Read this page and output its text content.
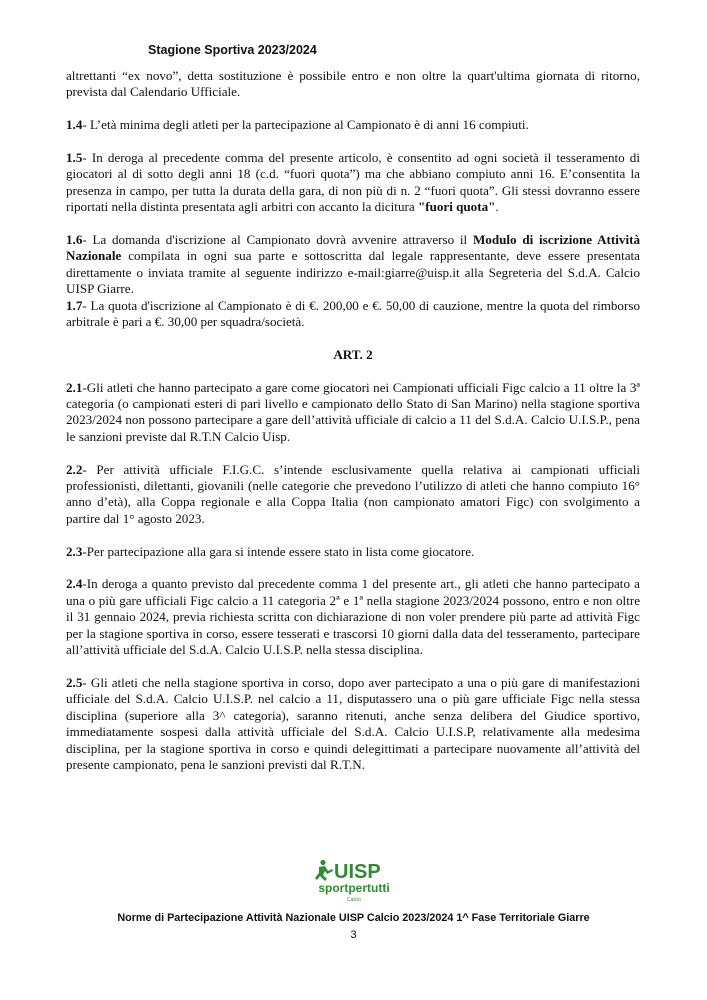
Stagione Sportiva 2023/2024

altrettanti “ex novo”, detta sostituzione è possibile entro e non oltre la quart'ultima giornata di ritorno, prevista dal Calendario Ufficiale.

1.4- L’età minima degli atleti per la partecipazione al Campionato è di anni 16 compiuti.

1.5- In deroga al precedente comma del presente articolo, è consentito ad ogni società il tesseramento di giocatori al di sotto degli anni 18 (c.d. “fuori quota”) ma che abbiano compiuto anni 16. E’consentita la presenza in campo, per tutta la durata della gara, di non più di n. 2 “fuori quota”. Gli stessi dovranno essere riportati nella distinta presentata agli arbitri con accanto la dicitura "fuori quota".

1.6- La domanda d'iscrizione al Campionato dovrà avvenire attraverso il Modulo di iscrizione Attività Nazionale compilata in ogni sua parte e sottoscritta dal legale rappresentante, deve essere presentata direttamente o inviata tramite al seguente indirizzo e-mail:giarre@uisp.it alla Segreteria del S.d.A. Calcio UISP Giarre.

1.7- La quota d'iscrizione al Campionato è di €. 200,00 e €. 50,00 di cauzione, mentre la quota del rimborso arbitrale è pari a €. 30,00 per squadra/società.

ART. 2

2.1-Gli atleti che hanno partecipato a gare come giocatori nei Campionati ufficiali Figc calcio a 11 oltre la 3ª categoria (o campionati esteri di pari livello e campionato dello Stato di San Marino) nella stagione sportiva 2023/2024 non possono partecipare a gare dell’attività ufficiale di calcio a 11 del S.d.A. Calcio U.I.S.P., pena le sanzioni previste dal R.T.N Calcio Uisp.

2.2- Per attività ufficiale F.I.G.C. s’intende esclusivamente quella relativa ai campionati ufficiali professionisti, dilettanti, giovanili (nelle categorie che prevedono l’utilizzo di atleti che hanno compiuto 16° anno d’età), alla Coppa regionale e alla Coppa Italia (non campionato amatori Figc) con svolgimento a partire dal 1° agosto 2023.

2.3-Per partecipazione alla gara si intende essere stato in lista come giocatore.

2.4-In deroga a quanto previsto dal precedente comma 1 del presente art., gli atleti che hanno partecipato a una o più gare ufficiali Figc calcio a 11 categoria 2ª e 1ª nella stagione 2023/2024 possono, entro e non oltre il 31 gennaio 2024, previa richiesta scritta con dichiarazione di non voler prendere più parte ad attività Figc per la stagione sportiva in corso, essere tesserati e trascorsi 10 giorni dalla data del tesseramento, partecipare all’attività ufficiale del S.d.A. Calcio U.I.S.P. nella stessa disciplina.

2.5- Gli atleti che nella stagione sportiva in corso, dopo aver partecipato a una o più gare di manifestazioni ufficiale del S.d.A. Calcio U.I.S.P. nel calcio a 11, disputassero una o più gare ufficiale Figc nella stessa disciplina (superiore alla 3^ categoria), saranno ritenuti, anche senza delibera del Giudice sportivo, immediatamente sospesi dalla attività ufficiale del S.d.A. Calcio U.I.S.P, relativamente alla medesima disciplina, per la stagione sportiva in corso e quindi delegittimati a partecipare nuovamente all’attività del presente campionato, pena le sanzioni previsti dal R.T.N.

UISP
sportpertutti
Calcio
Norme di Partecipazione Attività Nazionale UISP Calcio 2023/2024 1^ Fase Territoriale Giarre
3
